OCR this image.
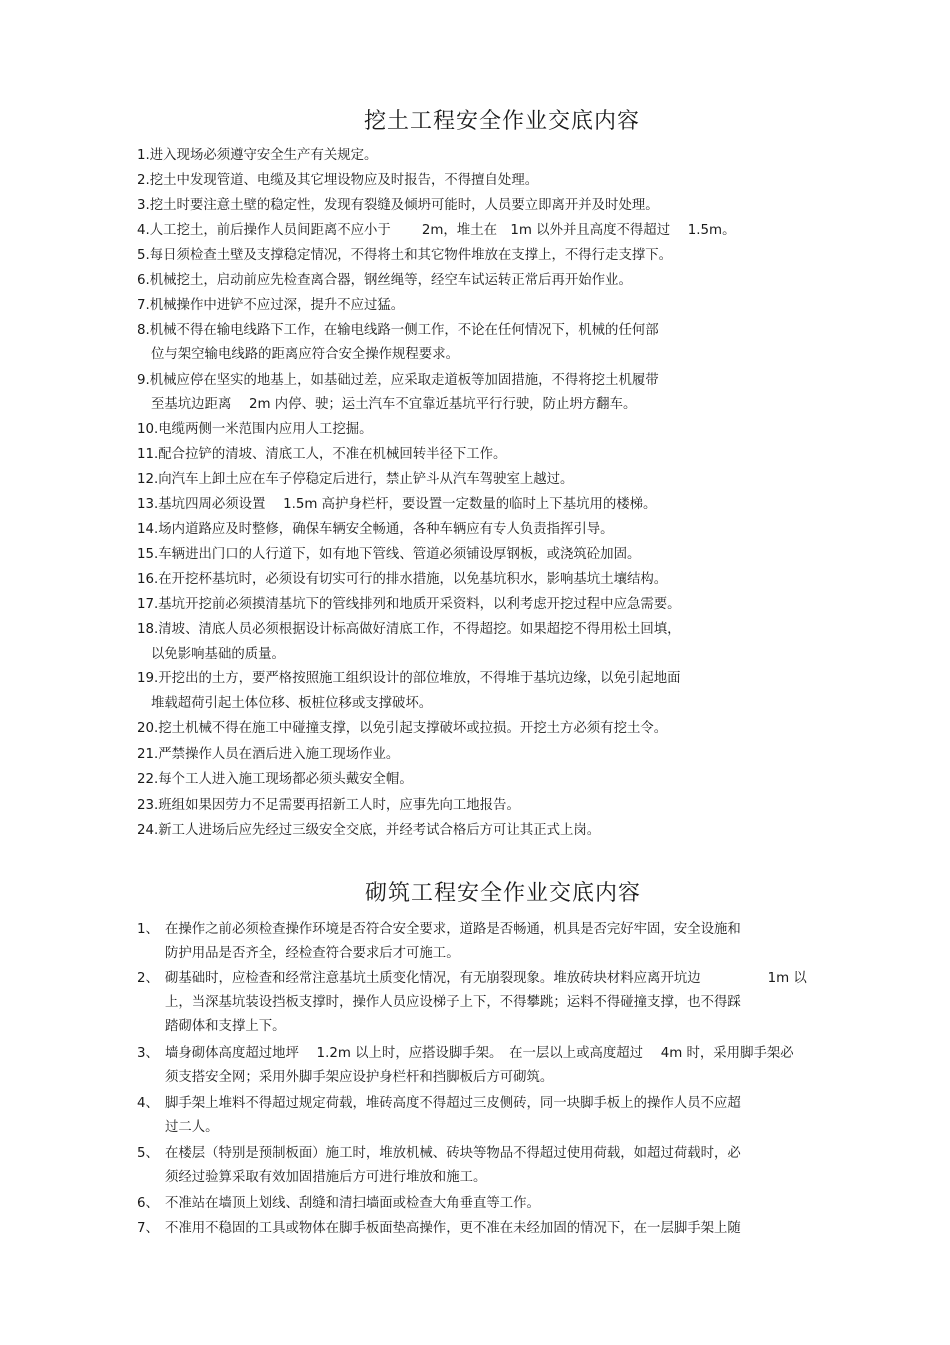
挖土工程安全作业交底内容

1.进入现场必须遵守安全生产有关规定。

2.挖土中发现管道、电缆及其它埋设物应及时报告，不得擅自处理。

3.挖土时要注意土壁的稳定性，发现有裂缝及倾坍可能时，人员要立即离开并及时处理。

4.人工挖土，前后操作人员间距离不应小于 　　2m，堆土在　1m 以外并且高度不得超过　 1.5m。

5.每日须检查土壁及支撑稳定情况，不得将土和其它物件堆放在支撑上，不得行走支撑下。

6.机械挖土，启动前应先检查离合器，钢丝绳等，经空车试运转正常后再开始作业。

7.机械操作中进铲不应过深，提升不应过猛。

8.机械不得在输电线路下工作，在输电线路一侧工作，不论在任何情况下，机械的任何部

位与架空输电线路的距离应符合安全操作规程要求。

9.机械应停在坚实的地基上，如基础过差，应采取走道板等加固措施，不得将挖土机履带

至基坑边距离　 2m 内停、驶；运土汽车不宜靠近基坑平行行驶，防止坍方翻车。

10.电缆两侧一米范围内应用人工挖掘。

11.配合拉铲的清坡、清底工人，不准在机械回转半径下工作。

12.向汽车上卸土应在车子停稳定后进行，禁止铲斗从汽车驾驶室上越过。

13.基坑四周必须设置　 1.5m 高护身栏杆，要设置一定数量的临时上下基坑用的楼梯。

14.场内道路应及时整修，确保车辆安全畅通，各种车辆应有专人负责指挥引导。

15.车辆进出门口的人行道下，如有地下管线、管道必须铺设厚钢板，或浇筑砼加固。

16.在开挖杯基坑时，必须设有切实可行的排水措施，以免基坑积水，影响基坑土壤结构。

17.基坑开挖前必须摸清基坑下的管线排列和地质开采资料，以利考虑开挖过程中应急需要。

18.清坡、清底人员必须根据设计标高做好清底工作，不得超挖。如果超挖不得用松土回填，

以免影响基础的质量。

19.开挖出的土方，要严格按照施工组织设计的部位堆放，不得堆于基坑边缘，以免引起地面

堆载超荷引起土体位移、板桩位移或支撑破坏。

20.挖土机械不得在施工中碰撞支撑，以免引起支撑破坏或拉损。开挖土方必须有挖土令。

21.严禁操作人员在酒后进入施工现场作业。

22.每个工人进入施工现场都必须头戴安全帽。

23.班组如果因劳力不足需要再招新工人时，应事先向工地报告。

24.新工人进场后应先经过三级安全交底，并经考试合格后方可让其正式上岗。

砌筑工程安全作业交底内容
1、 在操作之前必须检查操作环境是否符合安全要求，道路是否畅通，机具是否完好牢固，安全设施和
防护用品是否齐全，经检查符合要求后才可施工。
2、 砌基础时，应检查和经常注意基坑土质变化情况，有无崩裂现象。堆放砖块材料应离开坑边　　　　　1m 以
上，当深基坑装设挡板支撑时，操作人员应设梯子上下，不得攀跳；运料不得碰撞支撑，也不得踩
踏砌体和支撑上下。
3、 墙身砌体高度超过地坪　 1.2m 以上时，应搭设脚手架。　在一层以上或高度超过　 4m 时，采用脚手架必
须支搭安全网；采用外脚手架应设护身栏杆和挡脚板后方可砌筑。
4、 脚手架上堆料不得超过规定荷载，堆砖高度不得超过三皮侧砖，同一块脚手板上的操作人员不应超
过二人。
5、 在楼层（特别是预制板面）施工时，堆放机械、砖块等物品不得超过使用荷载，如超过荷载时，必
须经过验算采取有效加固措施后方可进行堆放和施工。
6、 不准站在墙顶上划线、刮缝和清扫墙面或检查大角垂直等工作。
7、 不准用不稳固的工具或物体在脚手板面垫高操作，更不准在未经加固的情况下，在一层脚手架上随
